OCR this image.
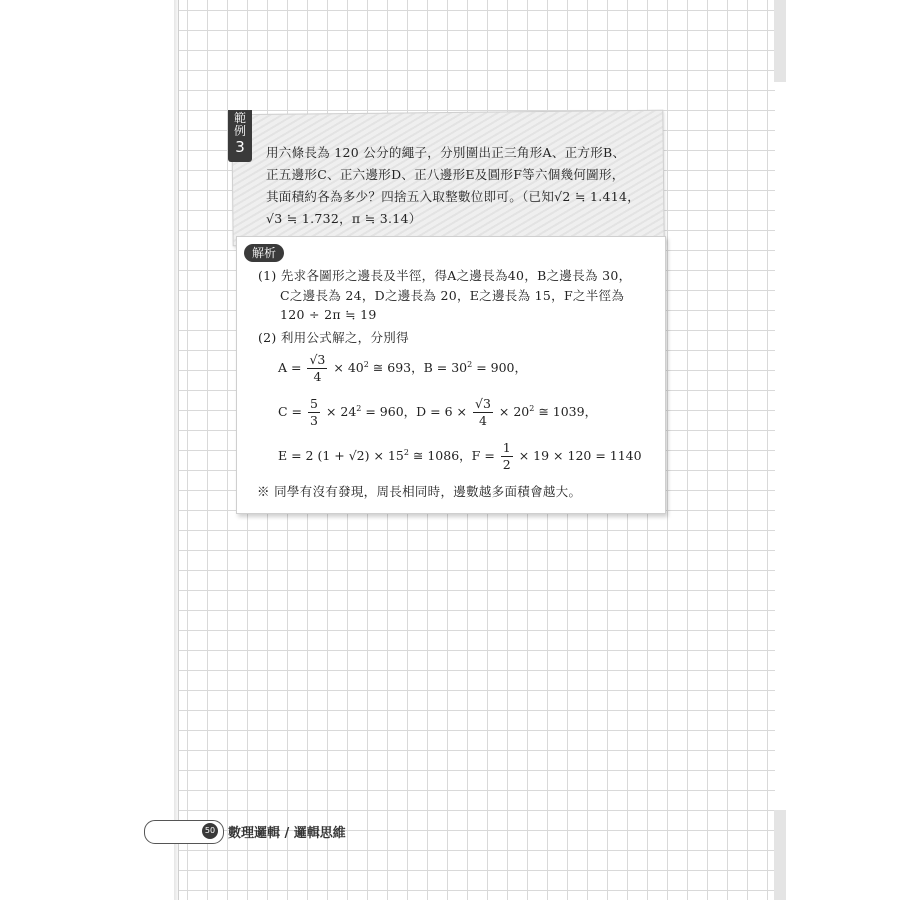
範
例
3 用六條長為 120 公分的繩子，分別圍出正三角形A、正方形B、
正五邊形C、正六邊形D、正八邊形E及圓形F等六個幾何圖形，
其面積約各為多少？四捨五入取整數位即可。（已知√2 ≒ 1.414，
√3 ≒ 1.732，π ≒ 3.14）
解析
(1) 先求各圖形之邊長及半徑，得A之邊長為40，B之邊長為 30，
C之邊長為 24，D之邊長為 20，E之邊長為 15，F之半徑為
120 ÷ 2π ≒ 19
(2) 利用公式解之，分別得
$A = \frac{√3}{4} \times 40^2$ ≅ 693，$B = 30^2 = 900$，
$C = \frac{5}{3} \times 24^2 = 960$，$D = 6 \times \frac{√3}{4} \times 20^2$ ≅ 1039，
E = 2 $(1 + √2) \times 15^2$ ≅ 1086，$F = \frac{1}{2} \times 19 \times 120 = 1140$
※ 同學有沒有發現，周長相同時，邊數越多面積會越大。
50 數理邏輯 / 邏輯思維
